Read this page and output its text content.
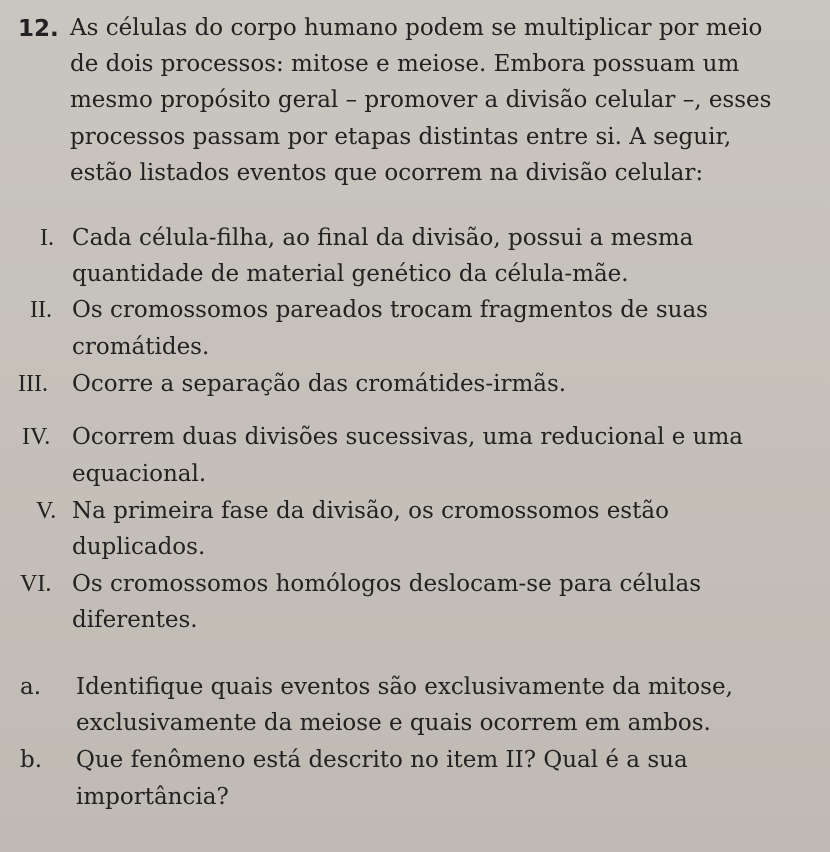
12. As células do corpo humano podem se multiplicar por meio
de dois processos: mitose e meiose. Embora possuam um
mesmo propósito geral – promover a divisão celular –, esses
processos passam por etapas distintas entre si. A seguir,
estão listados eventos que ocorrem na divisão celular:
I. Cada célula-filha, ao final da divisão, possui a mesma
quantidade de material genético da célula-mãe.
II. Os cromossomos pareados trocam fragmentos de suas
cromátides.
III. Ocorre a separação das cromátides-irmãs.
IV. Ocorrem duas divisões sucessivas, uma reducional e uma
equacional.
V. Na primeira fase da divisão, os cromossomos estão
duplicados.
VI. Os cromossomos homólogos deslocam-se para células
diferentes.
a. Identifique quais eventos são exclusivamente da mitose,
exclusivamente da meiose e quais ocorrem em ambos.
b. Que fenômeno está descrito no item II? Qual é a sua
importância?
